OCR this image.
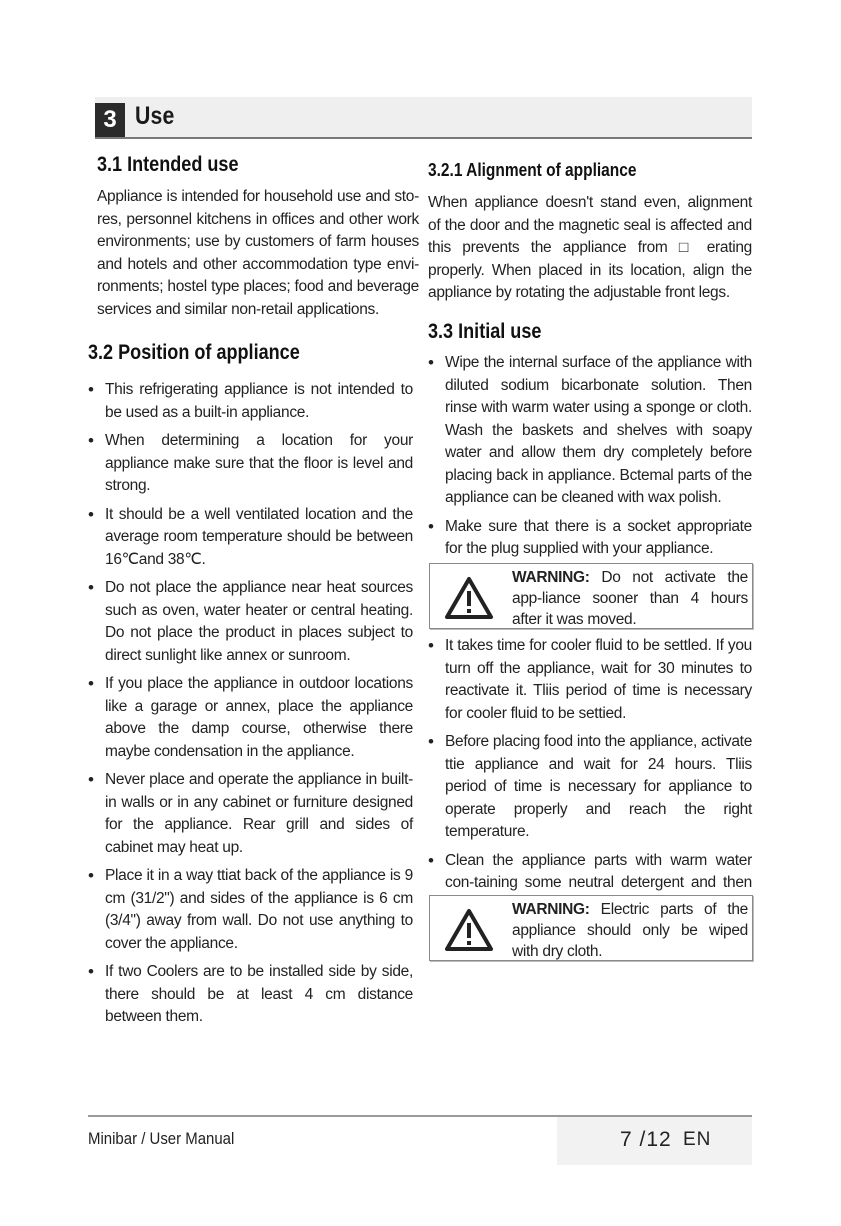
3 Use
3.1 Intended use
Appliance is intended for household use and sto-res, personnel kitchens in offices and other work environments; use by customers of farm houses and hotels and other accommodation type envi-ronments; hostel type places; food and beverage services and similar non-retail applications.
3.2 Position of appliance
• This refrigerating appliance is not intended to be used as a built-in appliance.
• When determining a location for your appliance make sure that the floor is level and strong.
• It should be a well ventilated location and the average room temperature should be between 16℃and 38℃.
• Do not place the appliance near heat sources such as oven, water heater or central heating. Do not place the product in places subject to direct sunlight like annex or sunroom.
• If you place the appliance in outdoor locations like a garage or annex, place the appliance above the damp course, otherwise there maybe condensation in the appliance.
• Never place and operate the appliance in built-in walls or in any cabinet or furniture designed for the appliance. Rear grill and sides of cabinet may heat up.
• Place it in a way ttiat back of the appliance is 9 cm (31/2") and sides of the appliance is 6 cm (3/4") away from wall. Do not use anything to cover the appliance.
• If two Coolers are to be installed side by side, there should be at least 4 cm distance between them.
3.2.1 Alignment of appliance
When appliance doesn't stand even, alignment of the door and the magnetic seal is affected and this prevents the appliance from □ erating properly. When placed in its location, align the appliance by rotating the adjustable front legs.
3.3 Initial use
• Wipe the internal surface of the appliance with diluted sodium bicarbonate solution. Then rinse with warm water using a sponge or cloth. Wash the baskets and shelves with soapy water and allow them dry completely before placing back in appliance. Bctemal parts of the appliance can be cleaned with wax polish.
• Make sure that there is a socket appropriate for the plug supplied with your appliance.
WARNING: Do not activate the app-liance sooner than 4 hours after it was moved.
• It takes time for cooler fluid to be settled. If you turn off the appliance, wait for 30 minutes to reactivate it. Tliis period of time is necessary for cooler fluid to be settied.
• Before placing food into the appliance, activate ttie appliance and wait for 24 hours. Tliis period of time is necessary for appliance to operate properly and reach the right temperature.
• Clean the appliance parts with warm water con-taining some neutral detergent and then
WARNING: Electric parts of the appliance should only be wiped with dry cloth.
Minibar / User Manual	7 /12 EN
